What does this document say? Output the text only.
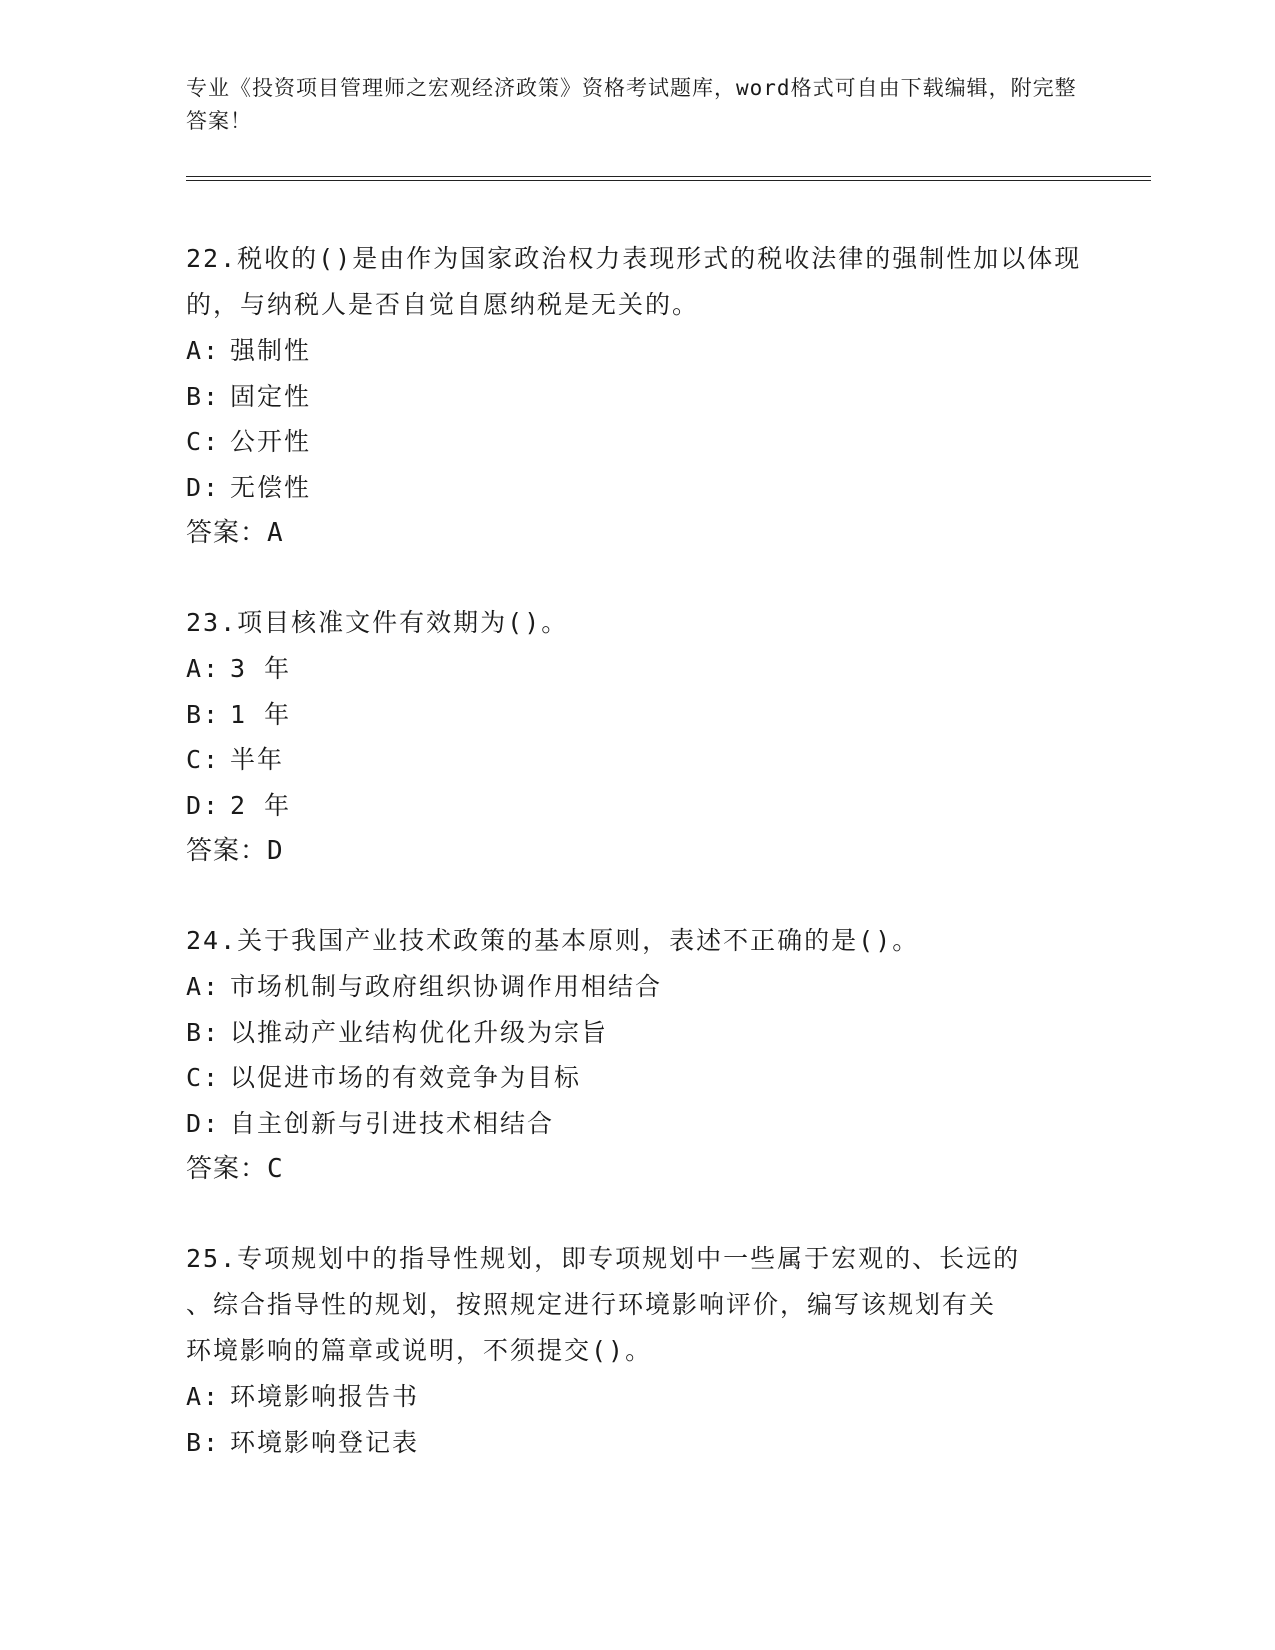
专业《投资项目管理师之宏观经济政策》资格考试题库，word格式可自由下载编辑，附完整答案！

22.税收的()是由作为国家政治权力表现形式的税收法律的强制性加以体现的，与纳税人是否自觉自愿纳税是无关的。

A: 强制性

B: 固定性

C: 公开性

D: 无偿性

答案：A

23.项目核准文件有效期为()。

A: 3 年

B: 1 年

C: 半年

D: 2 年

答案：D

24.关于我国产业技术政策的基本原则，表述不正确的是()。

A: 市场机制与政府组织协调作用相结合

B: 以推动产业结构优化升级为宗旨

C: 以促进市场的有效竞争为目标

D: 自主创新与引进技术相结合

答案：C

25.专项规划中的指导性规划，即专项规划中一些属于宏观的、长远的

、综合指导性的规划，按照规定进行环境影响评价，编写该规划有关

环境影响的篇章或说明，不须提交()。

A: 环境影响报告书

B: 环境影响登记表
